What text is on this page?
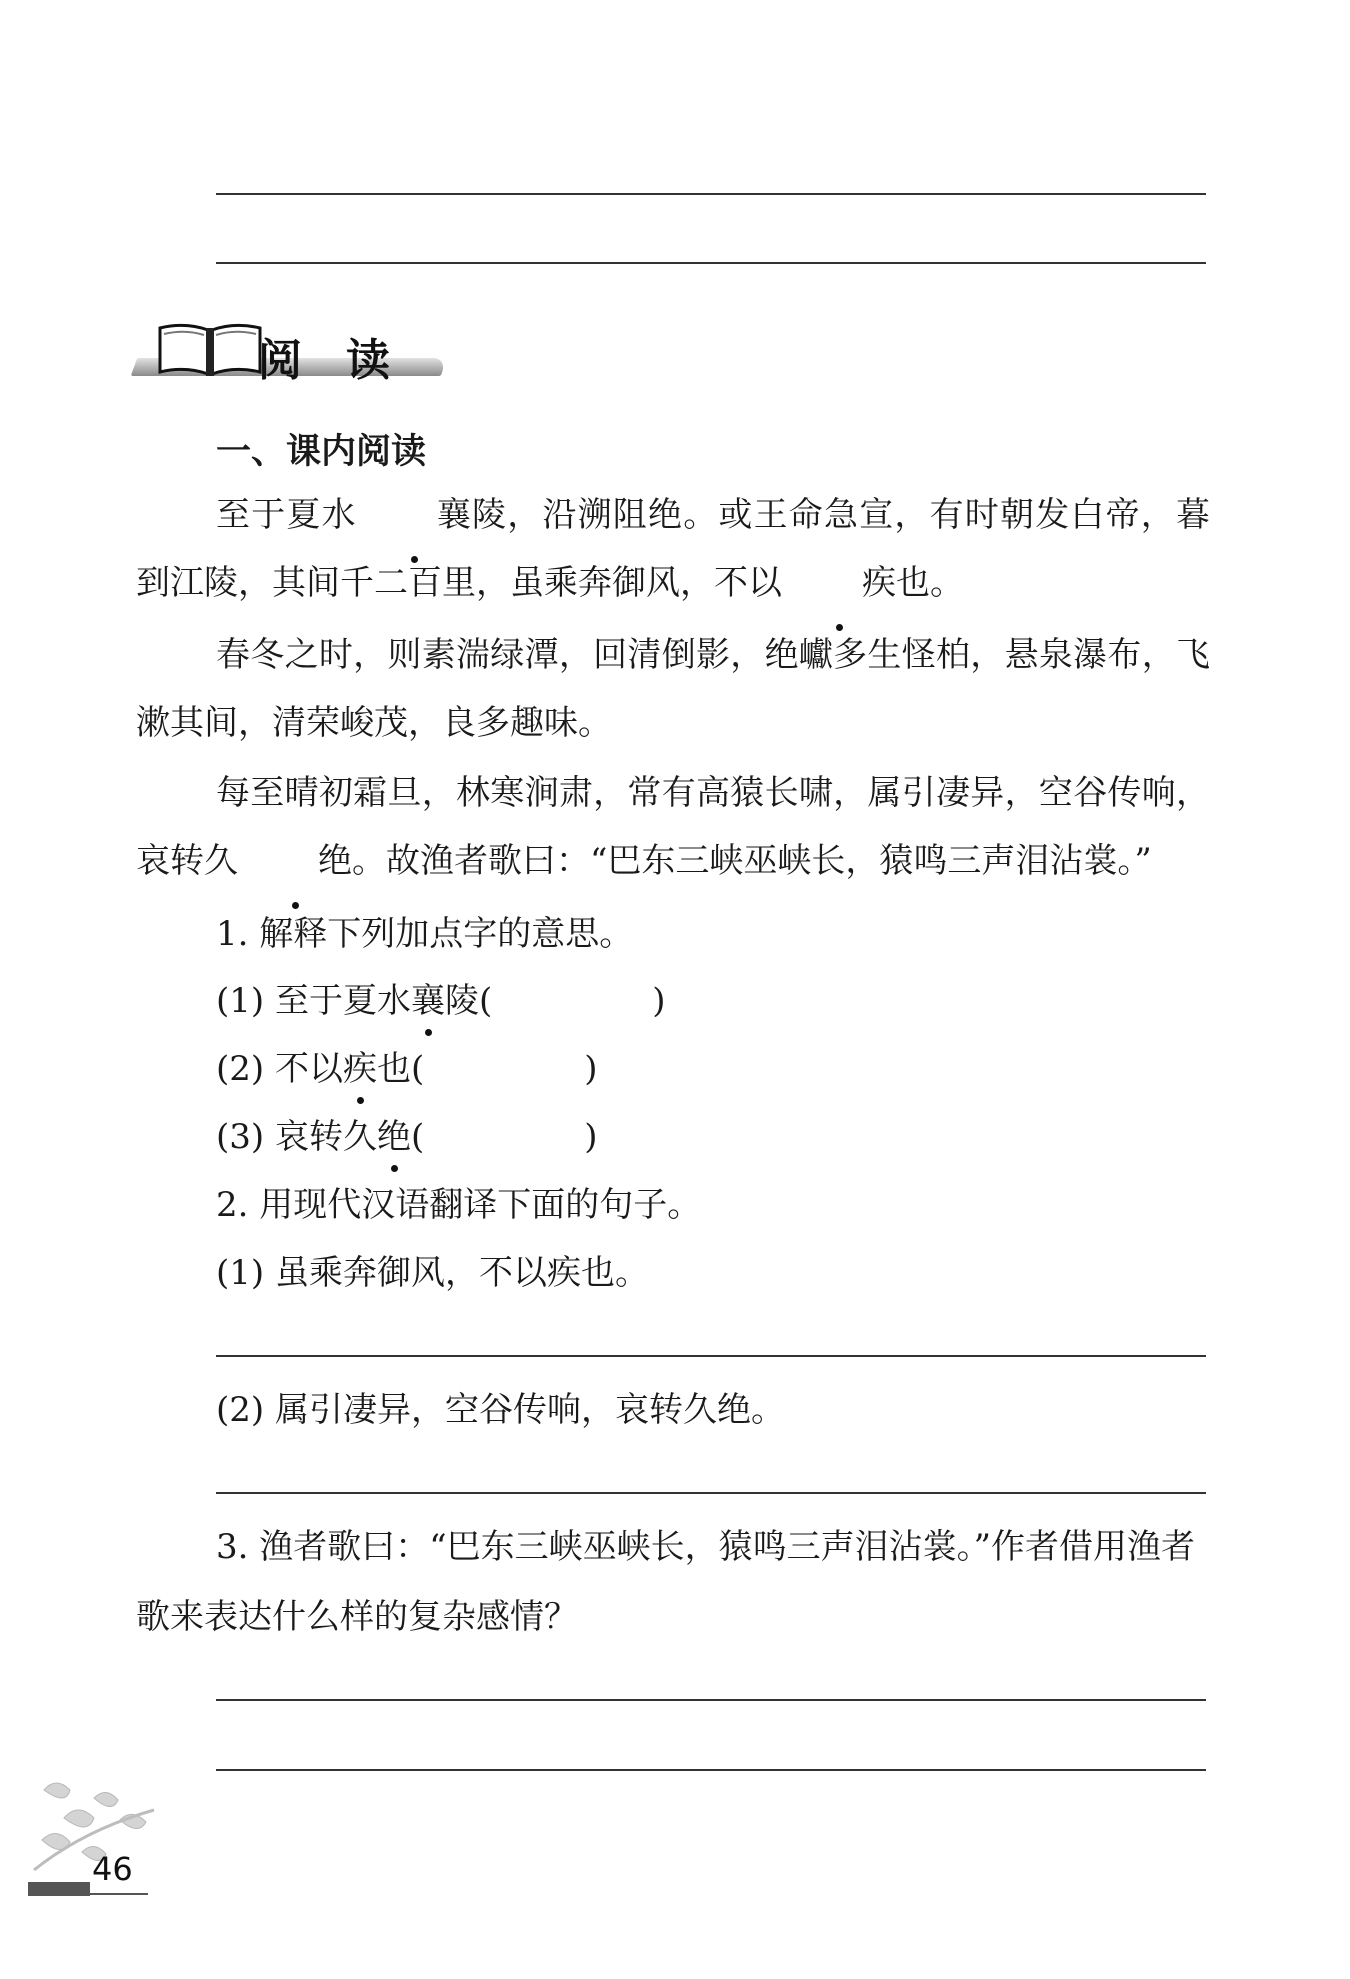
阅 读
一、课内阅读

至于夏水 襄陵，沿溯阻绝。或王命急宣，有时朝发白帝，暮到江陵，其间千二百里，虽乘奔御风，不以 疾也。

春冬之时，则素湍绿潭，回清倒影，绝巘多生怪柏，悬泉瀑布，飞漱其间，清荣峻茂，良多趣味。

每至晴初霜旦，林寒涧肃，常有高猿长啸，属引凄异，空谷传响，哀转久 绝。故渔者歌曰：“巴东三峡巫峡长，猿鸣三声泪沾裳。”

1. 解释下列加点字的意思。
(1) 至于夏水襄陵(	)
(2) 不以疾也(	)
(3) 哀转久绝(	)
2. 用现代汉语翻译下面的句子。
(1) 虽乘奔御风，不以疾也。
(2) 属引凄异，空谷传响，哀转久绝。
3. 渔者歌曰：“巴东三峡巫峡长，猿鸣三声泪沾裳。”作者借用渔者歌来表达什么样的复杂感情？
46
